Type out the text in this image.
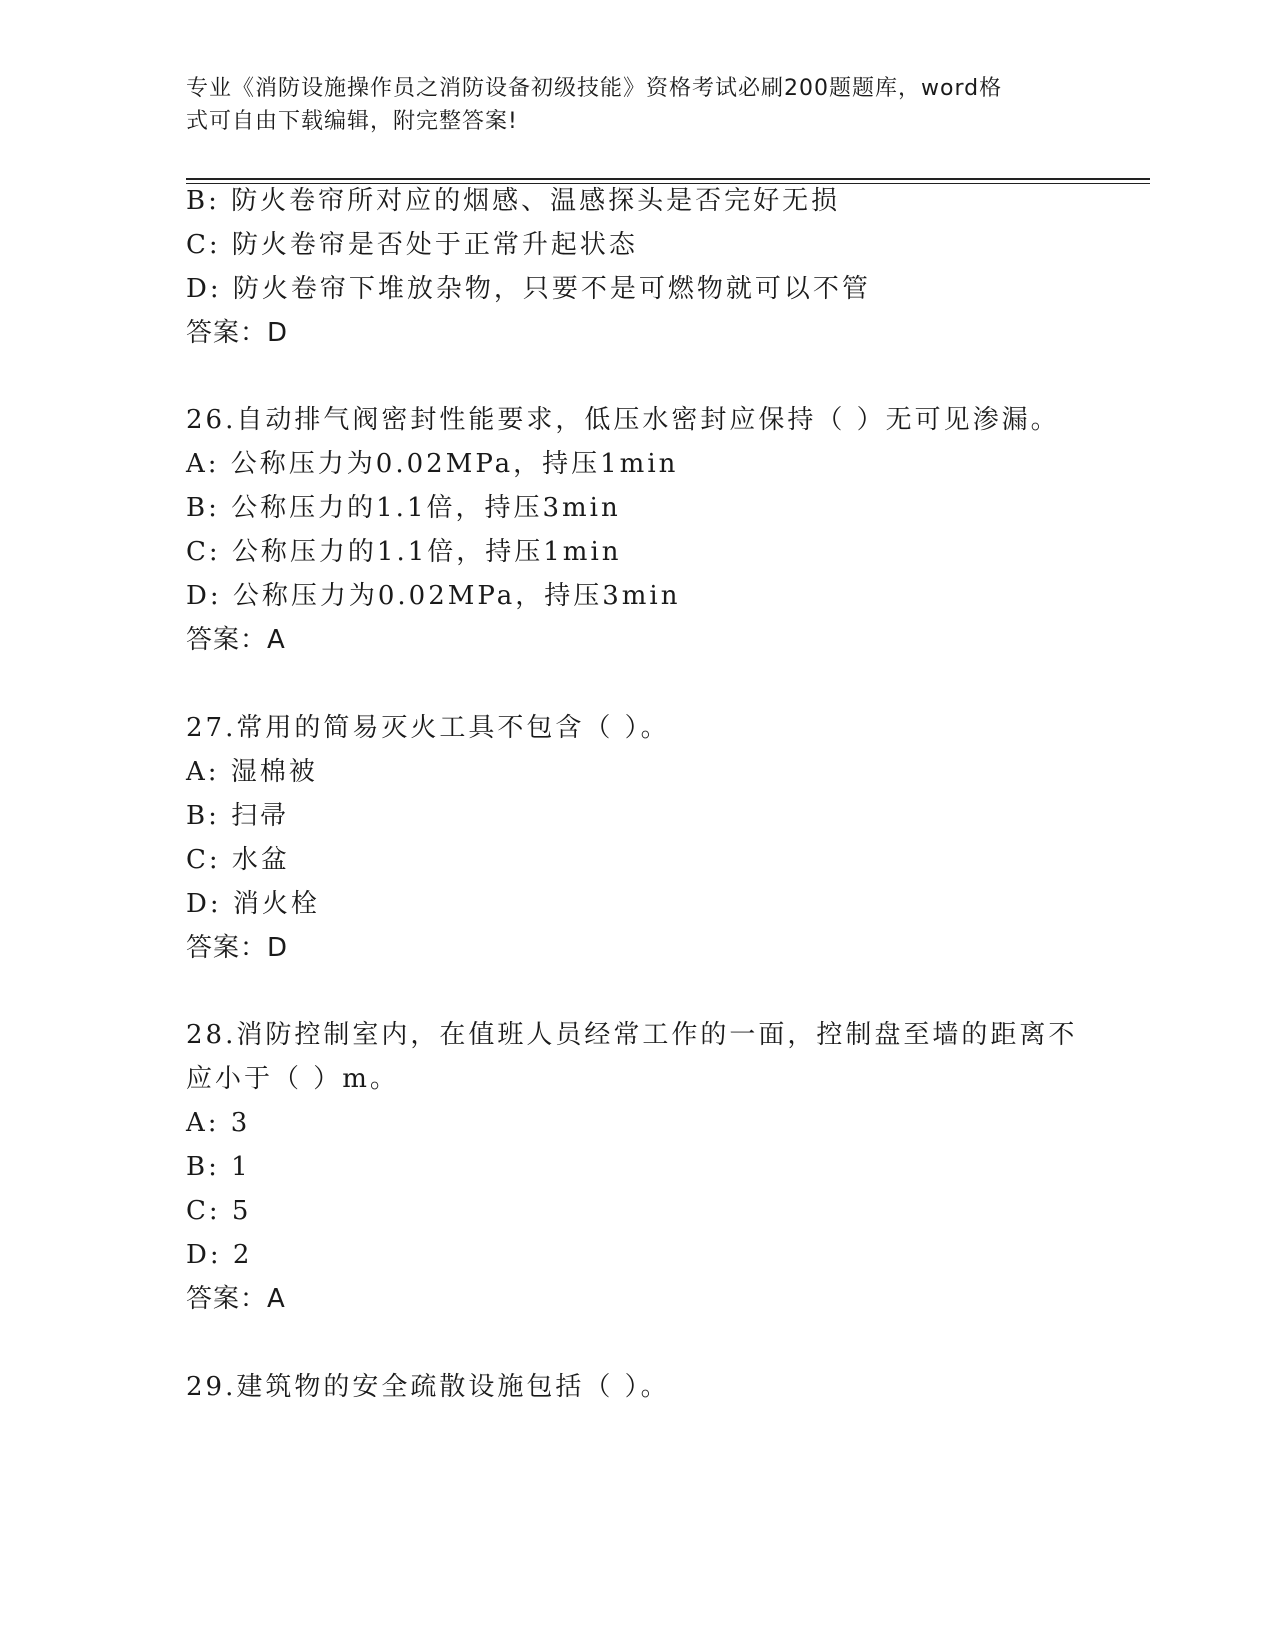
专业《消防设施操作员之消防设备初级技能》资格考试必刷200题题库，word格
式可自由下载编辑，附完整答案!
B: 防火卷帘所对应的烟感、温感探头是否完好无损
C: 防火卷帘是否处于正常升起状态
D: 防火卷帘下堆放杂物，只要不是可燃物就可以不管
答案：D
26.自动排气阀密封性能要求，低压水密封应保持（ ）无可见渗漏。
A: 公称压力为0.02MPa，持压1min
B: 公称压力的1.1倍，持压3min
C: 公称压力的1.1倍，持压1min
D: 公称压力为0.02MPa，持压3min
答案：A
27.常用的简易灭火工具不包含（ ）。
A: 湿棉被
B: 扫帚
C: 水盆
D: 消火栓
答案：D
28.消防控制室内，在值班人员经常工作的一面，控制盘至墙的距离不
应小于（ ）m。
A: 3
B: 1
C: 5
D: 2
答案：A
29.建筑物的安全疏散设施包括（ ）。
